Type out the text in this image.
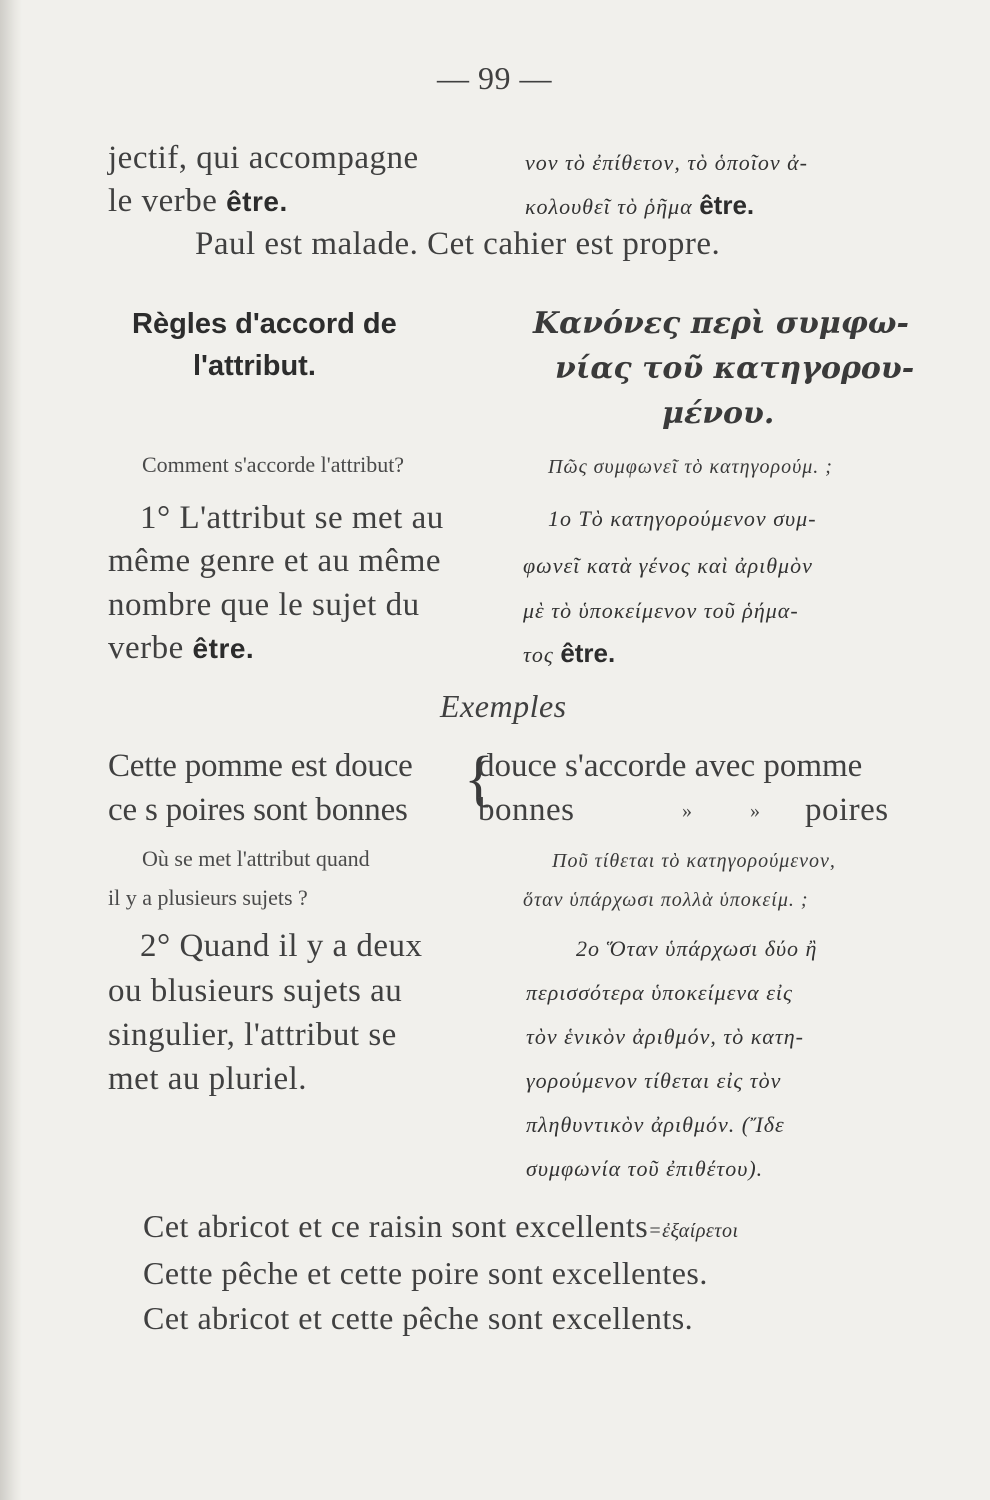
— 99 —
jectif, qui accompagne
le verbe être.
νον τὸ ἐπίθετον, τὸ ὁποῖον ἀ-
κολουθεῖ τὸ ῥῆμα être.
Paul est malade. Cet cahier est propre.
Règles d'accord de
l'attribut.
Κανόνες περὶ συμφω-
νίας τοῦ κατηγορου-
μένου.
Comment s'accorde l'attribut?	Πῶς συμφωνεῖ τὸ κατηγορούμ. ;
1° L'attribut se met au
même genre et au même
nombre que le sujet du
verbe être.
1ο Τὸ κατηγορούμενον συμ-
φωνεῖ κατὰ γένος καὶ ἀριθμὸν
μὲ τὸ ὑποκείμενον τοῦ ῥήμα-
τος être.
Exemples
Cette pomme est douce
ce s poires sont bonnes {
douce s'accorde avec pomme
bonnes	»	» poires
Où se met l'attribut quand
il y a plusieurs sujets ?
Ποῦ τίθεται τὸ κατηγορούμενον,
ὅταν ὑπάρχωσι πολλὰ ὑποκείμ. ;
2° Quand il y a deux
ou blusieurs sujets au
singulier, l'attribut se
met au pluriel.
2ο Ὅταν ὑπάρχωσι δύο ἢ
περισσότερα ὑποκείμενα εἰς
τὸν ἑνικὸν ἀριθμόν, τὸ κατη-
γορούμενον τίθεται εἰς τὸν
πληθυντικὸν ἀριθμόν. (Ἴδε
συμφωνία τοῦ ἐπιθέτου).
Cet abricot et ce raisin sont excellents=ἐξαίρετοι
Cette pêche et cette poire sont excellentes.
Cet abricot et cette pêche sont excellents.
